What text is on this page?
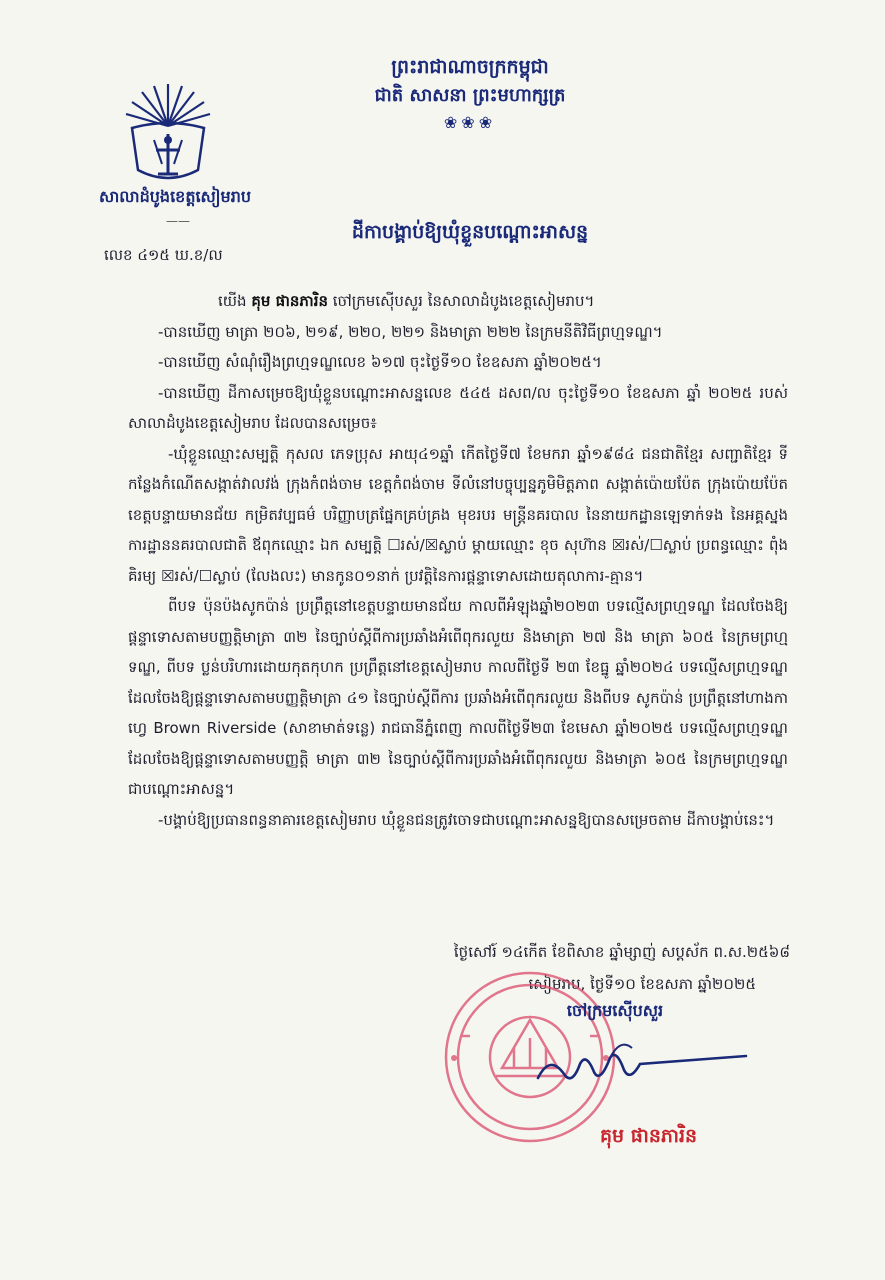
ព្រះរាជាណាចក្រកម្ពុជា
ជាតិ សាសនា ព្រះមហាក្សត្រ
❀❀❀
សាលាដំបូងខេត្តសៀមរាប
——
លេខ ៤១៥ ឃ.ខ/ល
ដីកាបង្គាប់ឱ្យឃុំខ្លួនបណ្ដោះអាសន្ន

យើង គុម ផានភារិន ចៅក្រមស៊ើបសួរ នៃសាលាដំបូងខេត្តសៀមរាប។

-បានឃើញ មាត្រា ២០៦, ២១៩, ២២០, ២២១ និងមាត្រា ២២២ នៃក្រមនីតិវិធីព្រហ្មទណ្ឌ។

-បានឃើញ សំណុំរឿងព្រហ្មទណ្ឌលេខ ៦១៧ ចុះថ្ងៃទី១០ ខែឧសភា ឆ្នាំ២០២៥។

-បានឃើញ ដីកាសម្រេចឱ្យឃុំខ្លួនបណ្ដោះអាសន្នលេខ ៥៤៥ ដសព/ល ចុះថ្ងៃទី១០ ខែឧសភា ឆ្នាំ ២០២៥ របស់សាលាដំបូងខេត្តសៀមរាប ដែលបានសម្រេច៖

-ឃុំខ្លួនឈ្មោះសម្បត្តិ កុសល ភេទប្រុស អាយុ៤១ឆ្នាំ កើតថ្ងៃទី៧ ខែមករា ឆ្នាំ១៩៨៤ ជនជាតិខ្មែរ សញ្ជាតិខ្មែរ ទីកន្លែងកំណើតសង្កាត់វាលវង់ ក្រុងកំពង់ចាម ខេត្តកំពង់ចាម ទីលំនៅបច្ចុប្បន្នភូមិមិត្តភាព សង្កាត់ប៉ោយប៉ែត ក្រុងប៉ោយប៉ែត ខេត្តបន្ទាយមានជ័យ កម្រិតវប្បធម៌ បរិញ្ញាបត្រផ្នែកគ្រប់គ្រង មុខរបរ មន្ត្រីនគរបាល នៃនាយកដ្ឋានឡេទាក់ទង នៃអគ្គស្នងការដ្ឋាននគរបាលជាតិ ឪពុកឈ្មោះ ឯក សម្បត្តិ ☐រស់/☒ស្លាប់ ម្ដាយឈ្មោះ ខុច សុហ៊ាន ☒រស់/☐ស្លាប់ ប្រពន្ធឈ្មោះ ពុំង គិរម្យ ☒រស់/☐ស្លាប់ (លែងលះ) មានកូន០១នាក់ ប្រវត្តិនៃការផ្ដន្ទាទោសដោយតុលាការ-គ្មាន។

ពីបទ ប៉ុនប៉ងសូកប៉ាន់ ប្រព្រឹត្តនៅខេត្តបន្ទាយមានជ័យ កាលពីអំឡុងឆ្នាំ២០២៣ បទល្មើសព្រហ្មទណ្ឌ ដែលចែងឱ្យផ្ដន្ទាទោសតាមបញ្ញត្តិមាត្រា ៣២ នៃច្បាប់ស្ដីពីការប្រឆាំងអំពើពុករលួយ និងមាត្រា ២៧ និង មាត្រា ៦០៥ នៃក្រមព្រហ្មទណ្ឌ, ពីបទ ប្លន់បរិហារដោយកុតកុហក ប្រព្រឹត្តនៅខេត្តសៀមរាប កាលពីថ្ងៃទី ២៣ ខែធ្នូ ឆ្នាំ២០២៤ បទល្មើសព្រហ្មទណ្ឌដែលចែងឱ្យផ្ដន្ទាទោសតាមបញ្ញត្តិមាត្រា ៤១ នៃច្បាប់ស្ដីពីការ ប្រឆាំងអំពើពុករលួយ និងពីបទ សូកប៉ាន់ ប្រព្រឹត្តនៅហាងកាហ្វេ Brown Riverside (សាខាមាត់ទន្លេ) រាជធានីភ្នំពេញ កាលពីថ្ងៃទី២៣ ខែមេសា ឆ្នាំ២០២៥ បទល្មើសព្រហ្មទណ្ឌដែលចែងឱ្យផ្ដន្ទាទោសតាមបញ្ញត្តិ មាត្រា ៣២ នៃច្បាប់ស្ដីពីការប្រឆាំងអំពើពុករលួយ និងមាត្រា ៦០៥ នៃក្រមព្រហ្មទណ្ឌ ជាបណ្ដោះអាសន្ន។

-បង្គាប់ឱ្យប្រធានពន្ធនាគារខេត្តសៀមរាប ឃុំខ្លួនជនត្រូវចោទជាបណ្ដោះអាសន្នឱ្យបានសម្រេចតាម ដីកាបង្គាប់នេះ។

ថ្ងៃសៅរ៍ ១៤កើត ខែពិសាខ ឆ្នាំម្សាញ់ សប្តស័ក ព.ស.២៥៦៨
សៀមរាប, ថ្ងៃទី១០ ខែឧសភា ឆ្នាំ២០២៥
ចៅក្រមស៊ើបសួរ
គុម ផានភារិន
